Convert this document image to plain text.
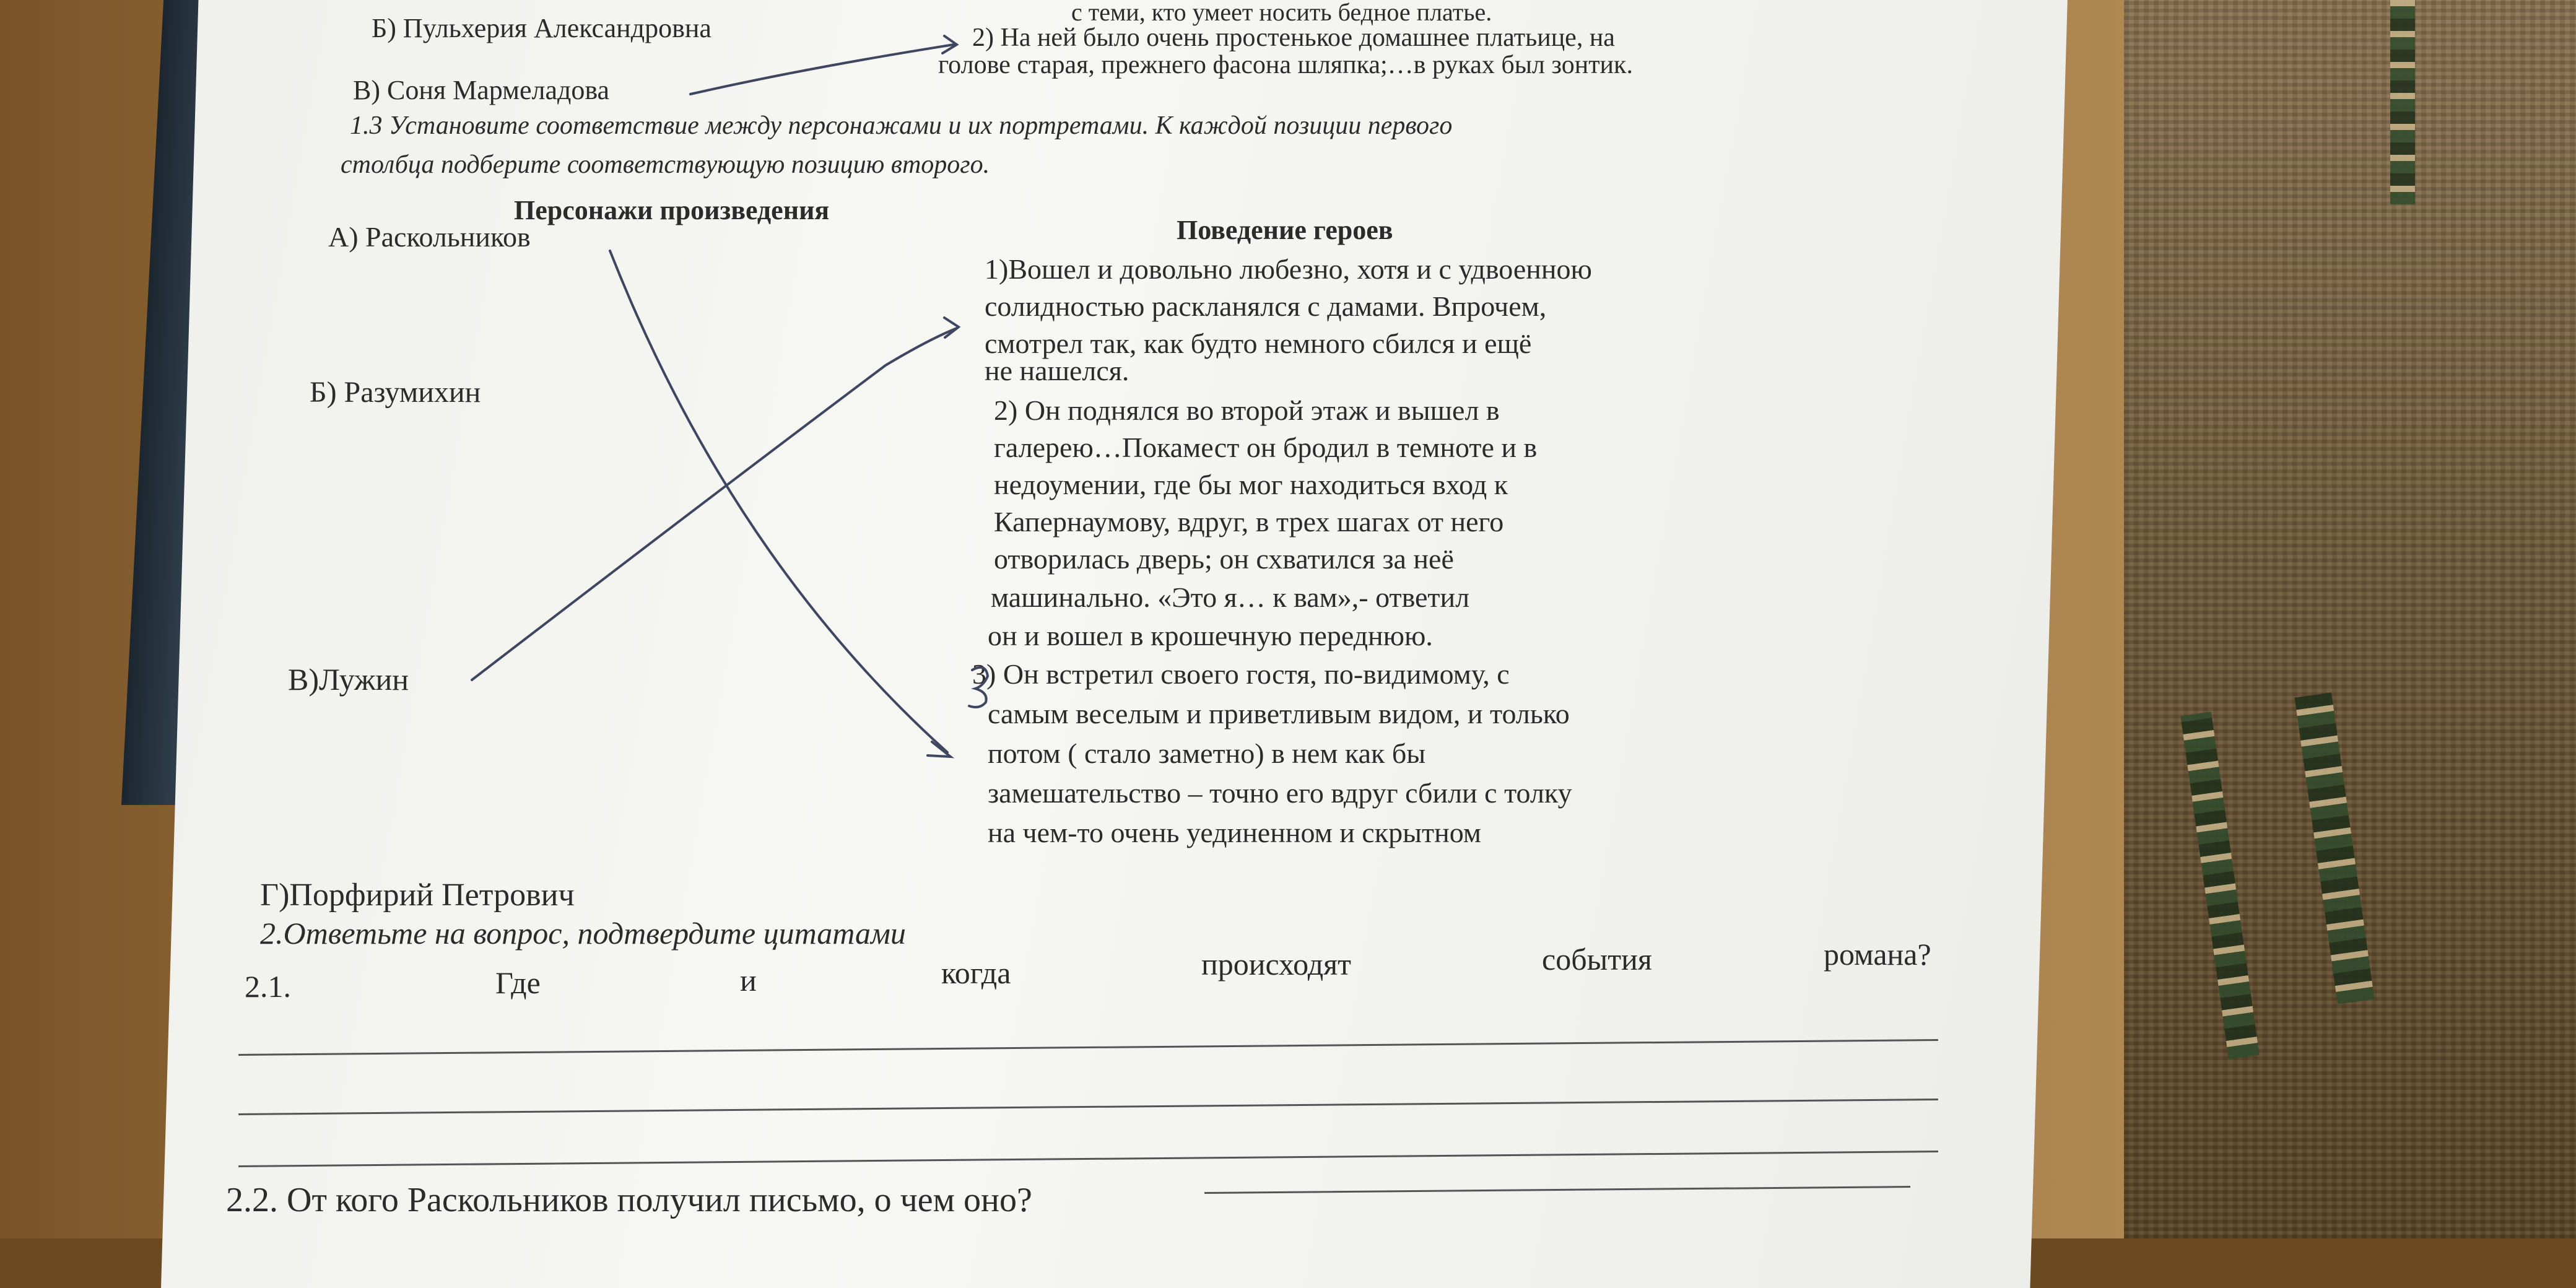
с теми, кто умеет носить бедное платье.
Б) Пульхерия Александровна	2) На ней было очень простенькое домашнее платьице, на
голове старая, прежнего фасона шляпка;…в руках был зонтик.
В) Соня Мармеладова
1.3 Установите соответствие между персонажами и их портретами. К каждой позиции первого
столбца подберите соответствующую позицию второго.
Персонажи произведения
Поведение героев
А) Раскольников
Б) Разумихин
В)Лужин
Г)Порфирий Петрович
1)Вошел и довольно любезно, хотя и с удвоенною
солидностью раскланялся с дамами. Впрочем,
смотрел так, как будто немного сбился и ещё
не нашелся.
2) Он поднялся во второй этаж и вышел в
галерею…Покамест он бродил в темноте и в
недоумении, где бы мог находиться вход к
Капернаумову, вдруг, в трех шагах от него
отворилась дверь; он схватился за неё
машинально. «Это я… к вам»,- ответил
он и вошел в крошечную переднюю.
3) Он встретил своего гостя, по-видимому, с
самым веселым и приветливым видом, и только
потом ( стало заметно) в нем как бы
замешательство – точно его вдруг сбили с толку
на чем-то очень уединенном и скрытном
2.Ответьте на вопрос, подтвердите цитатами
2.1.	Где	и	когда	происходят	события	романа?
2.2. От кого Раскольников получил письмо, о чем оно?
